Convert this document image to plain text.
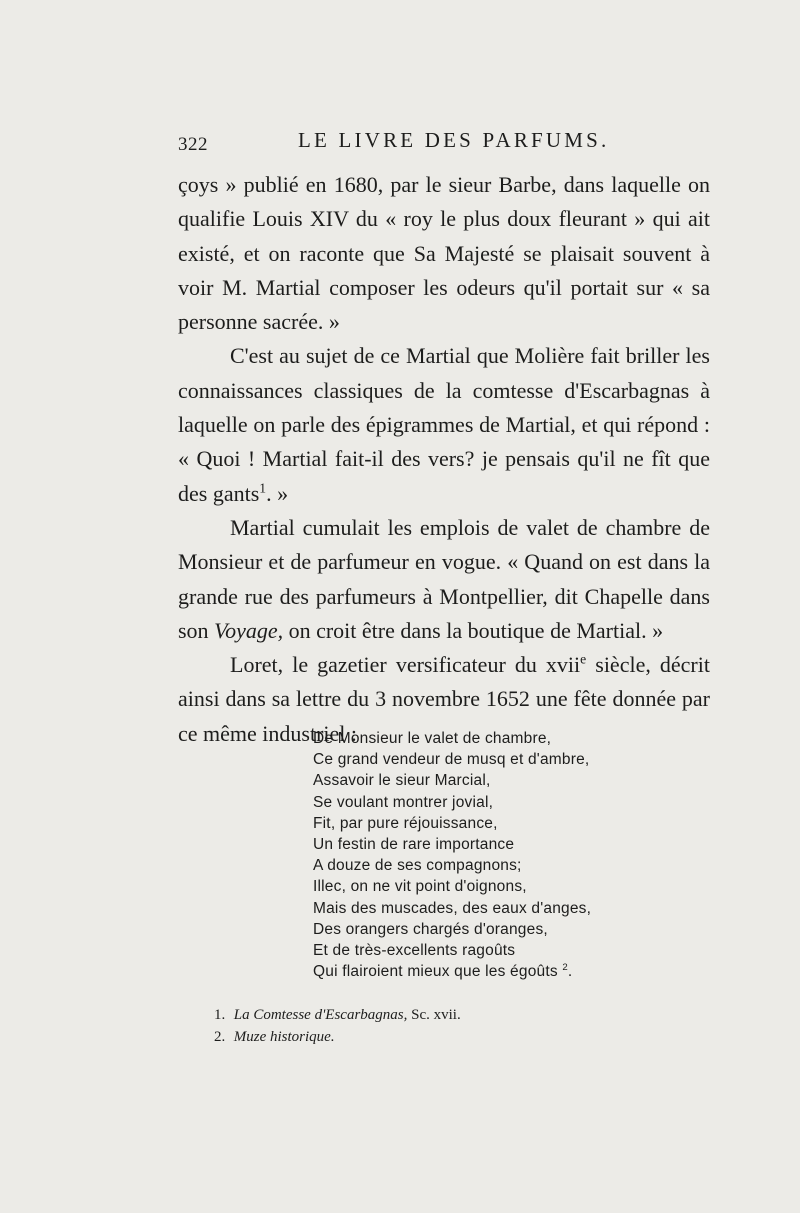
322	LE LIVRE DES PARFUMS.

çoys » publié en 1680, par le sieur Barbe, dans laquelle on qualifie Louis XIV du « roy le plus doux fleurant » qui ait existé, et on raconte que Sa Majesté se plaisait souvent à voir M. Martial composer les odeurs qu'il portait sur « sa personne sacrée. »

C'est au sujet de ce Martial que Molière fait briller les connaissances classiques de la comtesse d'Escarbagnas à laquelle on parle des épigrammes de Martial, et qui répond : « Quoi ! Martial fait-il des vers? je pensais qu'il ne fît que des gants$^1$. »

Martial cumulait les emplois de valet de chambre de Monsieur et de parfumeur en vogue. « Quand on est dans la grande rue des parfumeurs à Montpellier, dit Chapelle dans son Voyage, on croit être dans la boutique de Martial. »

Loret, le gazetier versificateur du xvii$^e$ siècle, décrit ainsi dans sa lettre du 3 novembre 1652 une fête donnée par ce même industriel :

De Monsieur le valet de chambre,
Ce grand vendeur de musq et d'ambre,
Assavoir le sieur Marcial,
Se voulant montrer jovial,
Fit, par pure réjouissance,
Un festin de rare importance
A douze de ses compagnons;
Illec, on ne vit point d'oignons,
Mais des muscades, des eaux d'anges,
Des orangers chargés d'oranges,
Et de très-excellents ragoûts
Qui flairoient mieux que les égoûts $^2$.
1. La Comtesse d'Escarbagnas, Sc. xvii.
2. Muze historique.
